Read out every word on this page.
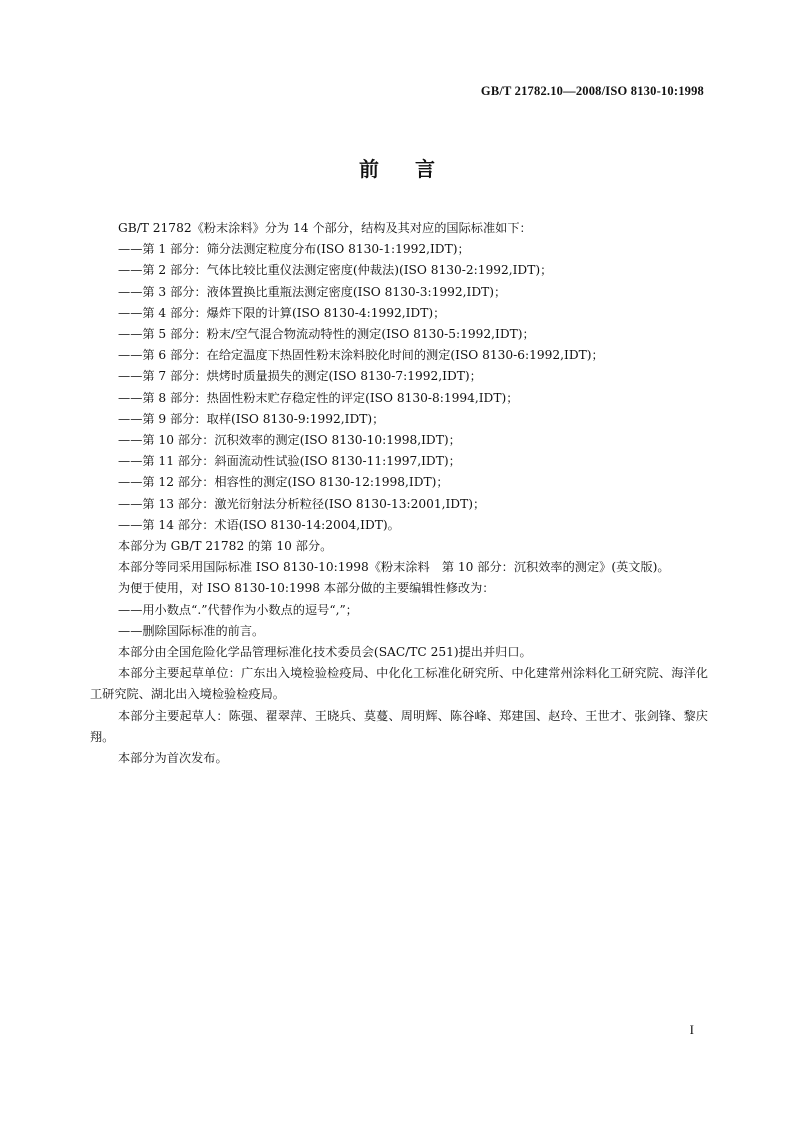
GB/T 21782.10—2008/ISO 8130-10:1998
前言

GB/T 21782《粉末涂料》分为 14 个部分，结构及其对应的国际标准如下：

——第 1 部分：筛分法测定粒度分布(ISO 8130-1:1992,IDT)；

——第 2 部分：气体比较比重仪法测定密度(仲裁法)(ISO 8130-2:1992,IDT)；

——第 3 部分：液体置换比重瓶法测定密度(ISO 8130-3:1992,IDT)；

——第 4 部分：爆炸下限的计算(ISO 8130-4:1992,IDT)；

——第 5 部分：粉末/空气混合物流动特性的测定(ISO 8130-5:1992,IDT)；

——第 6 部分：在给定温度下热固性粉末涂料胶化时间的测定(ISO 8130-6:1992,IDT)；

——第 7 部分：烘烤时质量损失的测定(ISO 8130-7:1992,IDT)；

——第 8 部分：热固性粉末贮存稳定性的评定(ISO 8130-8:1994,IDT)；

——第 9 部分：取样(ISO 8130-9:1992,IDT)；

——第 10 部分：沉积效率的测定(ISO 8130-10:1998,IDT)；

——第 11 部分：斜面流动性试验(ISO 8130-11:1997,IDT)；

——第 12 部分：相容性的测定(ISO 8130-12:1998,IDT)；

——第 13 部分：激光衍射法分析粒径(ISO 8130-13:2001,IDT)；

——第 14 部分：术语(ISO 8130-14:2004,IDT)。

本部分为 GB/T 21782 的第 10 部分。

本部分等同采用国际标准 ISO 8130-10:1998《粉末涂料　第 10 部分：沉积效率的测定》(英文版)。

为便于使用，对 ISO 8130-10:1998 本部分做的主要编辑性修改为：

——用小数点“.”代替作为小数点的逗号“,”；

——删除国际标准的前言。

本部分由全国危险化学品管理标准化技术委员会(SAC/TC 251)提出并归口。

本部分主要起草单位：广东出入境检验检疫局、中化化工标准化研究所、中化建常州涂料化工研究院、海洋化工研究院、湖北出入境检验检疫局。

本部分主要起草人：陈强、翟翠萍、王晓兵、莫蔓、周明辉、陈谷峰、郑建国、赵玲、王世才、张剑锋、黎庆翔。

本部分为首次发布。

I
